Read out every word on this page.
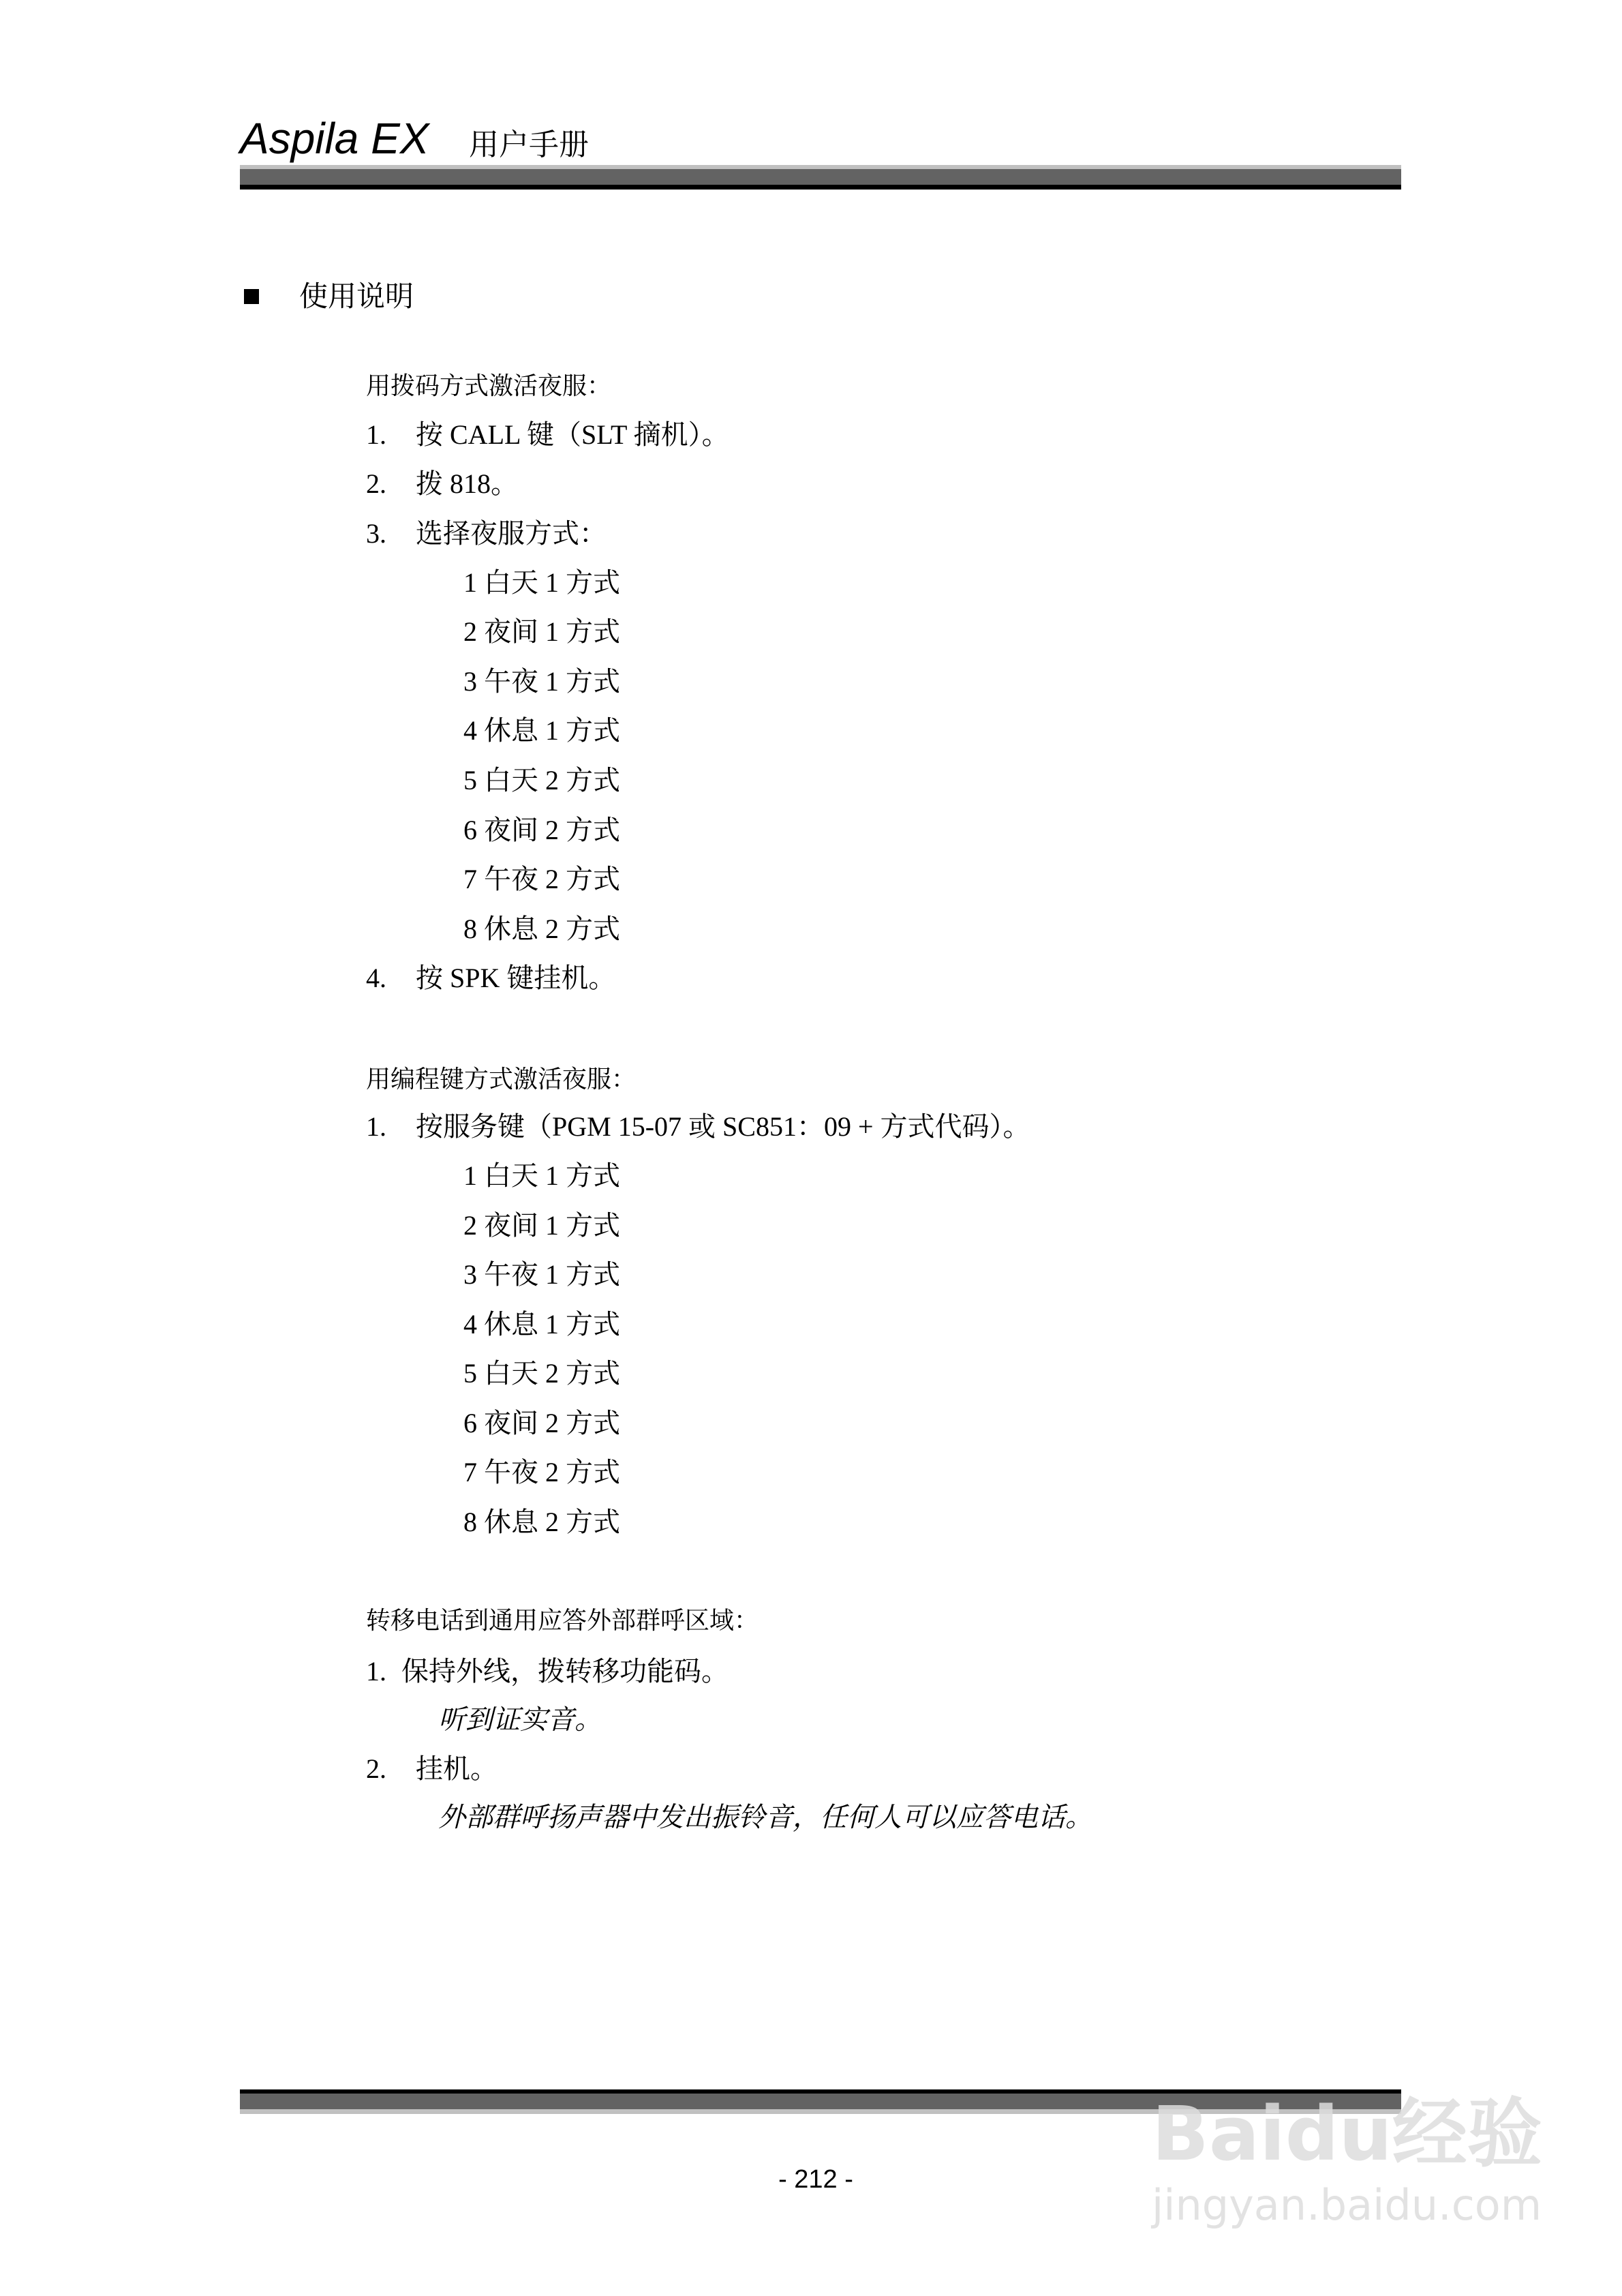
Aspila EX 用户手册
使用说明
用拨码方式激活夜服：
1. 按 CALL 键（SLT 摘机）。
2. 拨 818。
3. 选择夜服方式：
1 白天 1 方式
2 夜间 1 方式
3 午夜 1 方式
4 休息 1 方式
5 白天 2 方式
6 夜间 2 方式
7 午夜 2 方式
8 休息 2 方式
4. 按 SPK 键挂机。
用编程键方式激活夜服：
1. 按服务键（PGM 15-07 或 SC851：09 + 方式代码）。
1 白天 1 方式
2 夜间 1 方式
3 午夜 1 方式
4 休息 1 方式
5 白天 2 方式
6 夜间 2 方式
7 午夜 2 方式
8 休息 2 方式
转移电话到通用应答外部群呼区域：
1. 保持外线，拨转移功能码。
听到证实音。
2. 挂机。
外部群呼扬声器中发出振铃音，任何人可以应答电话。
- 212 -
Baidu经验
jingyan.baidu.com
